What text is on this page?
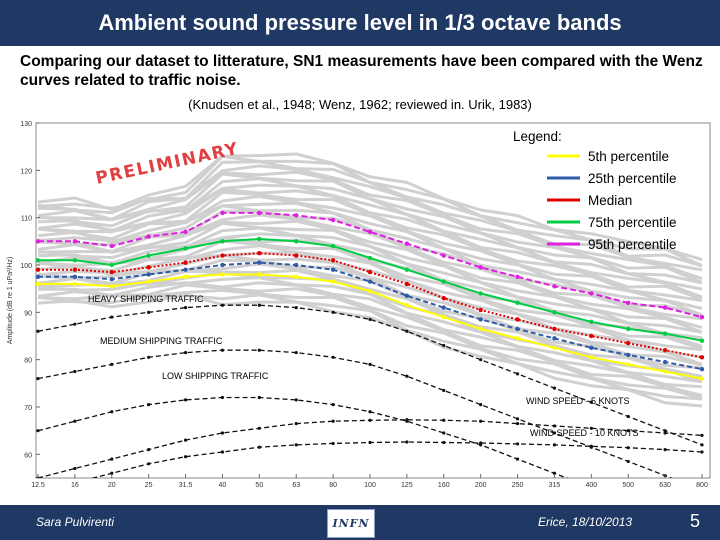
Ambient sound pressure level in 1/3 octave bands
Comparing our dataset to litterature, SN1 measurements have been compared with the Wenz curves related to traffic noise.
(Knudsen et al., 1948; Wenz, 1962; reviewed in. Urik, 1983)
60
70
80
90
100
110
120
130
12.5	16	20	25	31.5	40	50	63	80	100	125	160	200	250	315	400	500	630	800
Amplitude (dB re 1 uPa²/Hz)
PRELIMINARY
HEAVY SHIPPING TRAFFIC
MEDIUM SHIPPING TRAFFIC
LOW SHIPPING TRAFFIC
WIND SPEED - 5 KNOTS
WIND SPEED - 10 KNOTS
Legend:
5th percentile
25th percentile
Median
75th percentile
95th percentile
Sara Pulvirenti	INFN	Erice, 18/10/2013	5
